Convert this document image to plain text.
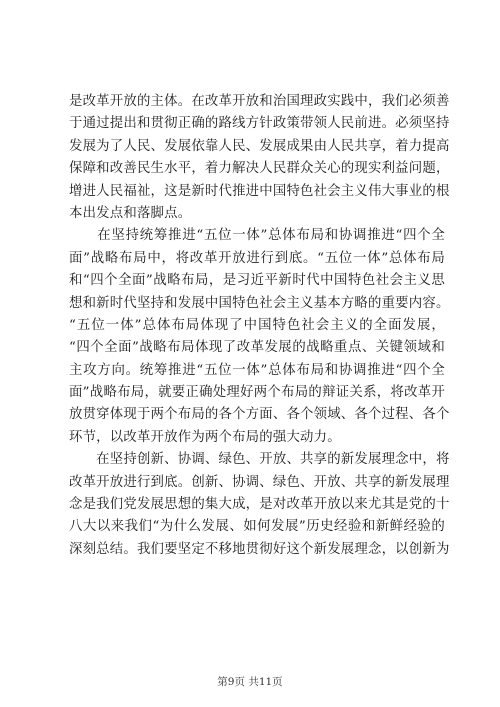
是改革开放的主体。在改革开放和治国理政实践中，我们必须善
于通过提出和贯彻正确的路线方针政策带领人民前进。必须坚持
发展为了人民、发展依靠人民、发展成果由人民共享，着力提高
保障和改善民生水平，着力解决人民群众关心的现实利益问题，
增进人民福祉，这是新时代推进中国特色社会主义伟大事业的根
本出发点和落脚点。
　　在坚持统筹推进“五位一体”总体布局和协调推进“四个全
面”战略布局中，将改革开放进行到底。“五位一体”总体布局
和“四个全面”战略布局，是习近平新时代中国特色社会主义思
想和新时代坚持和发展中国特色社会主义基本方略的重要内容。
“五位一体”总体布局体现了中国特色社会主义的全面发展，
“四个全面”战略布局体现了改革发展的战略重点、关键领域和
主攻方向。统筹推进“五位一体”总体布局和协调推进“四个全
面”战略布局，就要正确处理好两个布局的辩证关系，将改革开
放贯穿体现于两个布局的各个方面、各个领域、各个过程、各个
环节，以改革开放作为两个布局的强大动力。
　　在坚持创新、协调、绿色、开放、共享的新发展理念中，将
改革开放进行到底。创新、协调、绿色、开放、共享的新发展理
念是我们党发展思想的集大成，是对改革开放以来尤其是党的十
八大以来我们“为什么发展、如何发展”历史经验和新鲜经验的
深刻总结。我们要坚定不移地贯彻好这个新发展理念，以创新为
第9页 共11页
